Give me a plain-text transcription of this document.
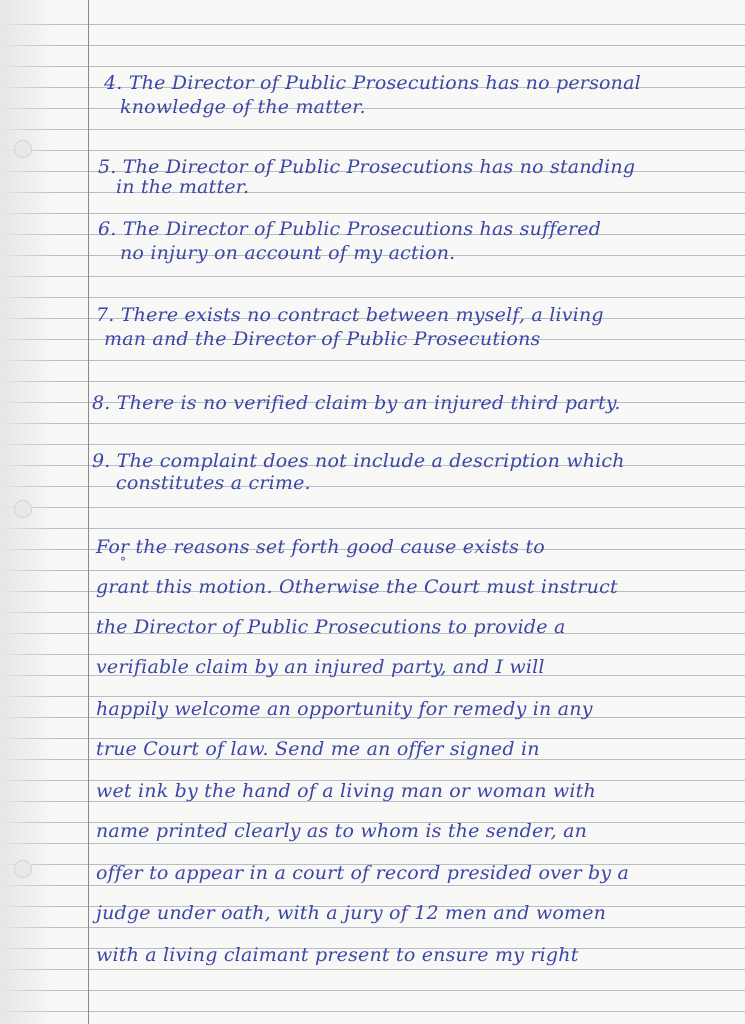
4. The Director of Public Prosecutions has no personal

knowledge of the matter.

5. The Director of Public Prosecutions has no standing

in the matter.

6. The Director of Public Prosecutions has suffered

no injury on account of my action.

7. There exists no contract between myself, a living

man and the Director of Public Prosecutions

8. There is no verified claim by an injured third party.

9. The complaint does not include a description which

constitutes a crime.

For the reasons set forth good cause exists to

°

grant this motion. Otherwise the Court must instruct

the Director of Public Prosecutions to provide a

verifiable claim by an injured party, and I will

happily welcome an opportunity for remedy in any

true Court of law. Send me an offer signed in

wet ink by the hand of a living man or woman with

name printed clearly as to whom is the sender, an

offer to appear in a court of record presided over by a

judge under oath, with a jury of 12 men and women

with a living claimant present to ensure my right
